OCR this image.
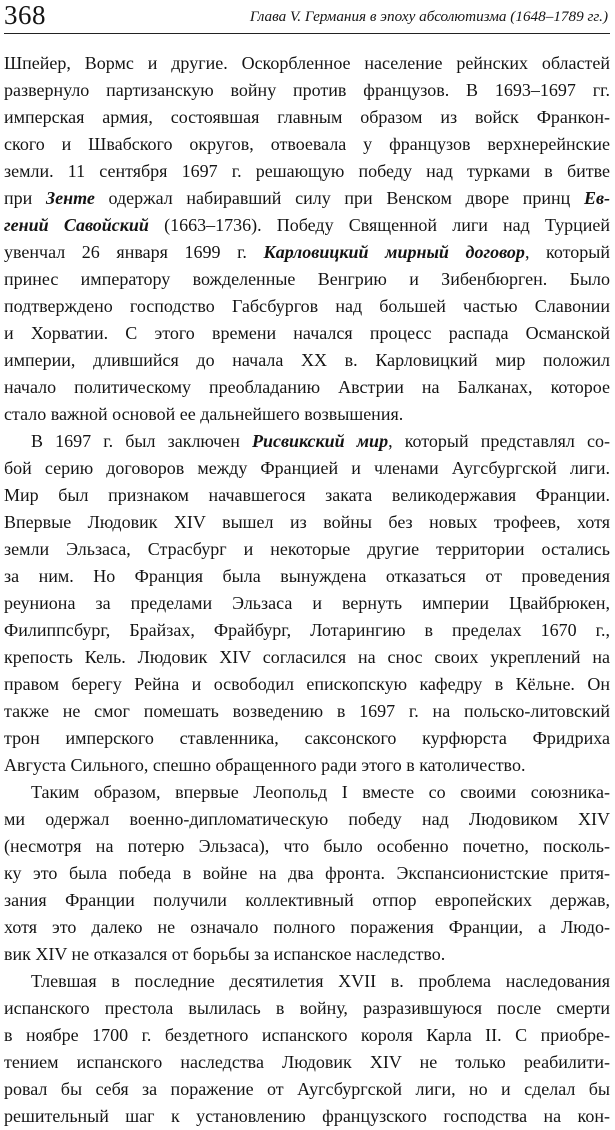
368	Глава V. Германия в эпоху абсолютизма (1648–1789 гг.)
Шпейер, Вормс и другие. Оскорбленное население рейнских областей
развернуло партизанскую войну против французов. В 1693–1697 гг.
имперская армия, состоявшая главным образом из войск Франкон-
ского и Швабского округов, отвоевала у французов верхнерейнские
земли. 11 сентября 1697 г. решающую победу над турками в битве
при Зенте одержал набиравший силу при Венском дворе принц Ев-
гений Савойский (1663–1736). Победу Священной лиги над Турцией
увенчал 26 января 1699 г. Карловицкий мирный договор, который
принес императору вожделенные Венгрию и Зибенбюрген. Было
подтверждено господство Габсбургов над большей частью Славонии
и Хорватии. С этого времени начался процесс распада Османской
империи, длившийся до начала XX в. Карловицкий мир положил
начало политическому преобладанию Австрии на Балканах, которое
стало важной основой ее дальнейшего возвышения.
В 1697 г. был заключен Рисвикский мир, который представлял со-
бой серию договоров между Францией и членами Аугсбургской лиги.
Мир был признаком начавшегося заката великодержавия Франции.
Впервые Людовик XIV вышел из войны без новых трофеев, хотя
земли Эльзаса, Страсбург и некоторые другие территории остались
за ним. Но Франция была вынуждена отказаться от проведения
реуниона за пределами Эльзаса и вернуть империи Цвайбрюкен,
Филиппсбург, Брайзах, Фрайбург, Лотарингию в пределах 1670 г.,
крепость Кель. Людовик XIV согласился на снос своих укреплений на
правом берегу Рейна и освободил епископскую кафедру в Кёльне. Он
также не смог помешать возведению в 1697 г. на польско-литовский
трон имперского ставленника, саксонского курфюрста Фридриха
Августа Сильного, спешно обращенного ради этого в католичество.
Таким образом, впервые Леопольд I вместе со своими союзника-
ми одержал военно-дипломатическую победу над Людовиком XIV
(несмотря на потерю Эльзаса), что было особенно почетно, посколь-
ку это была победа в войне на два фронта. Экспансионистские притя-
зания Франции получили коллективный отпор европейских держав,
хотя это далеко не означало полного поражения Франции, а Людо-
вик XIV не отказался от борьбы за испанское наследство.
Тлевшая в последние десятилетия XVII в. проблема наследования
испанского престола вылилась в войну, разразившуюся после смерти
в ноябре 1700 г. бездетного испанского короля Карла II. С приобре-
тением испанского наследства Людовик XIV не только реабилити-
ровал бы себя за поражение от Аугсбургской лиги, но и сделал бы
решительный шаг к установлению французского господства на кон-
